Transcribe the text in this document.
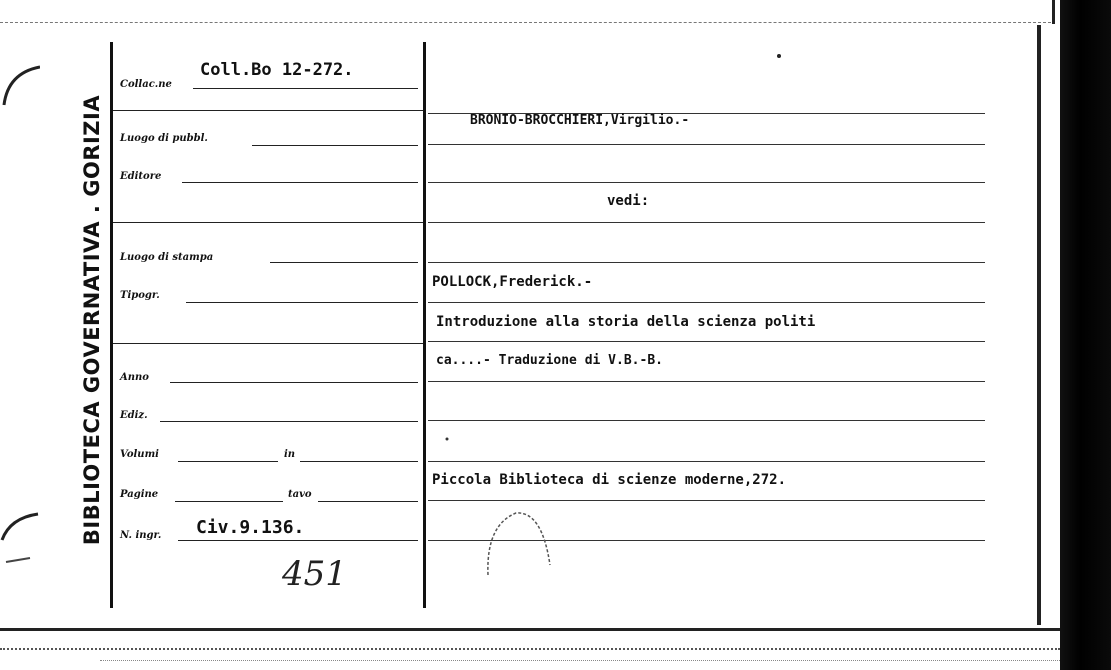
BIBLIOTECA GOVERNATIVA . GORIZIA
Collac.ne
Coll.Bo 12-272.
Luogo di pubbl.
Editore
Luogo di stampa
Tipogr.
Anno
Ediz.
Volumi	in
Pagine	tavo
N. ingr. Civ.9.136.
451
BRONIO-BROCCHIERI,Virgilio.-
vedi:
POLLOCK,Frederick.-
Introduzione alla storia della scienza politi
ca....- Traduzione di V.B.-B.
Piccola Biblioteca di scienze moderne,272.
